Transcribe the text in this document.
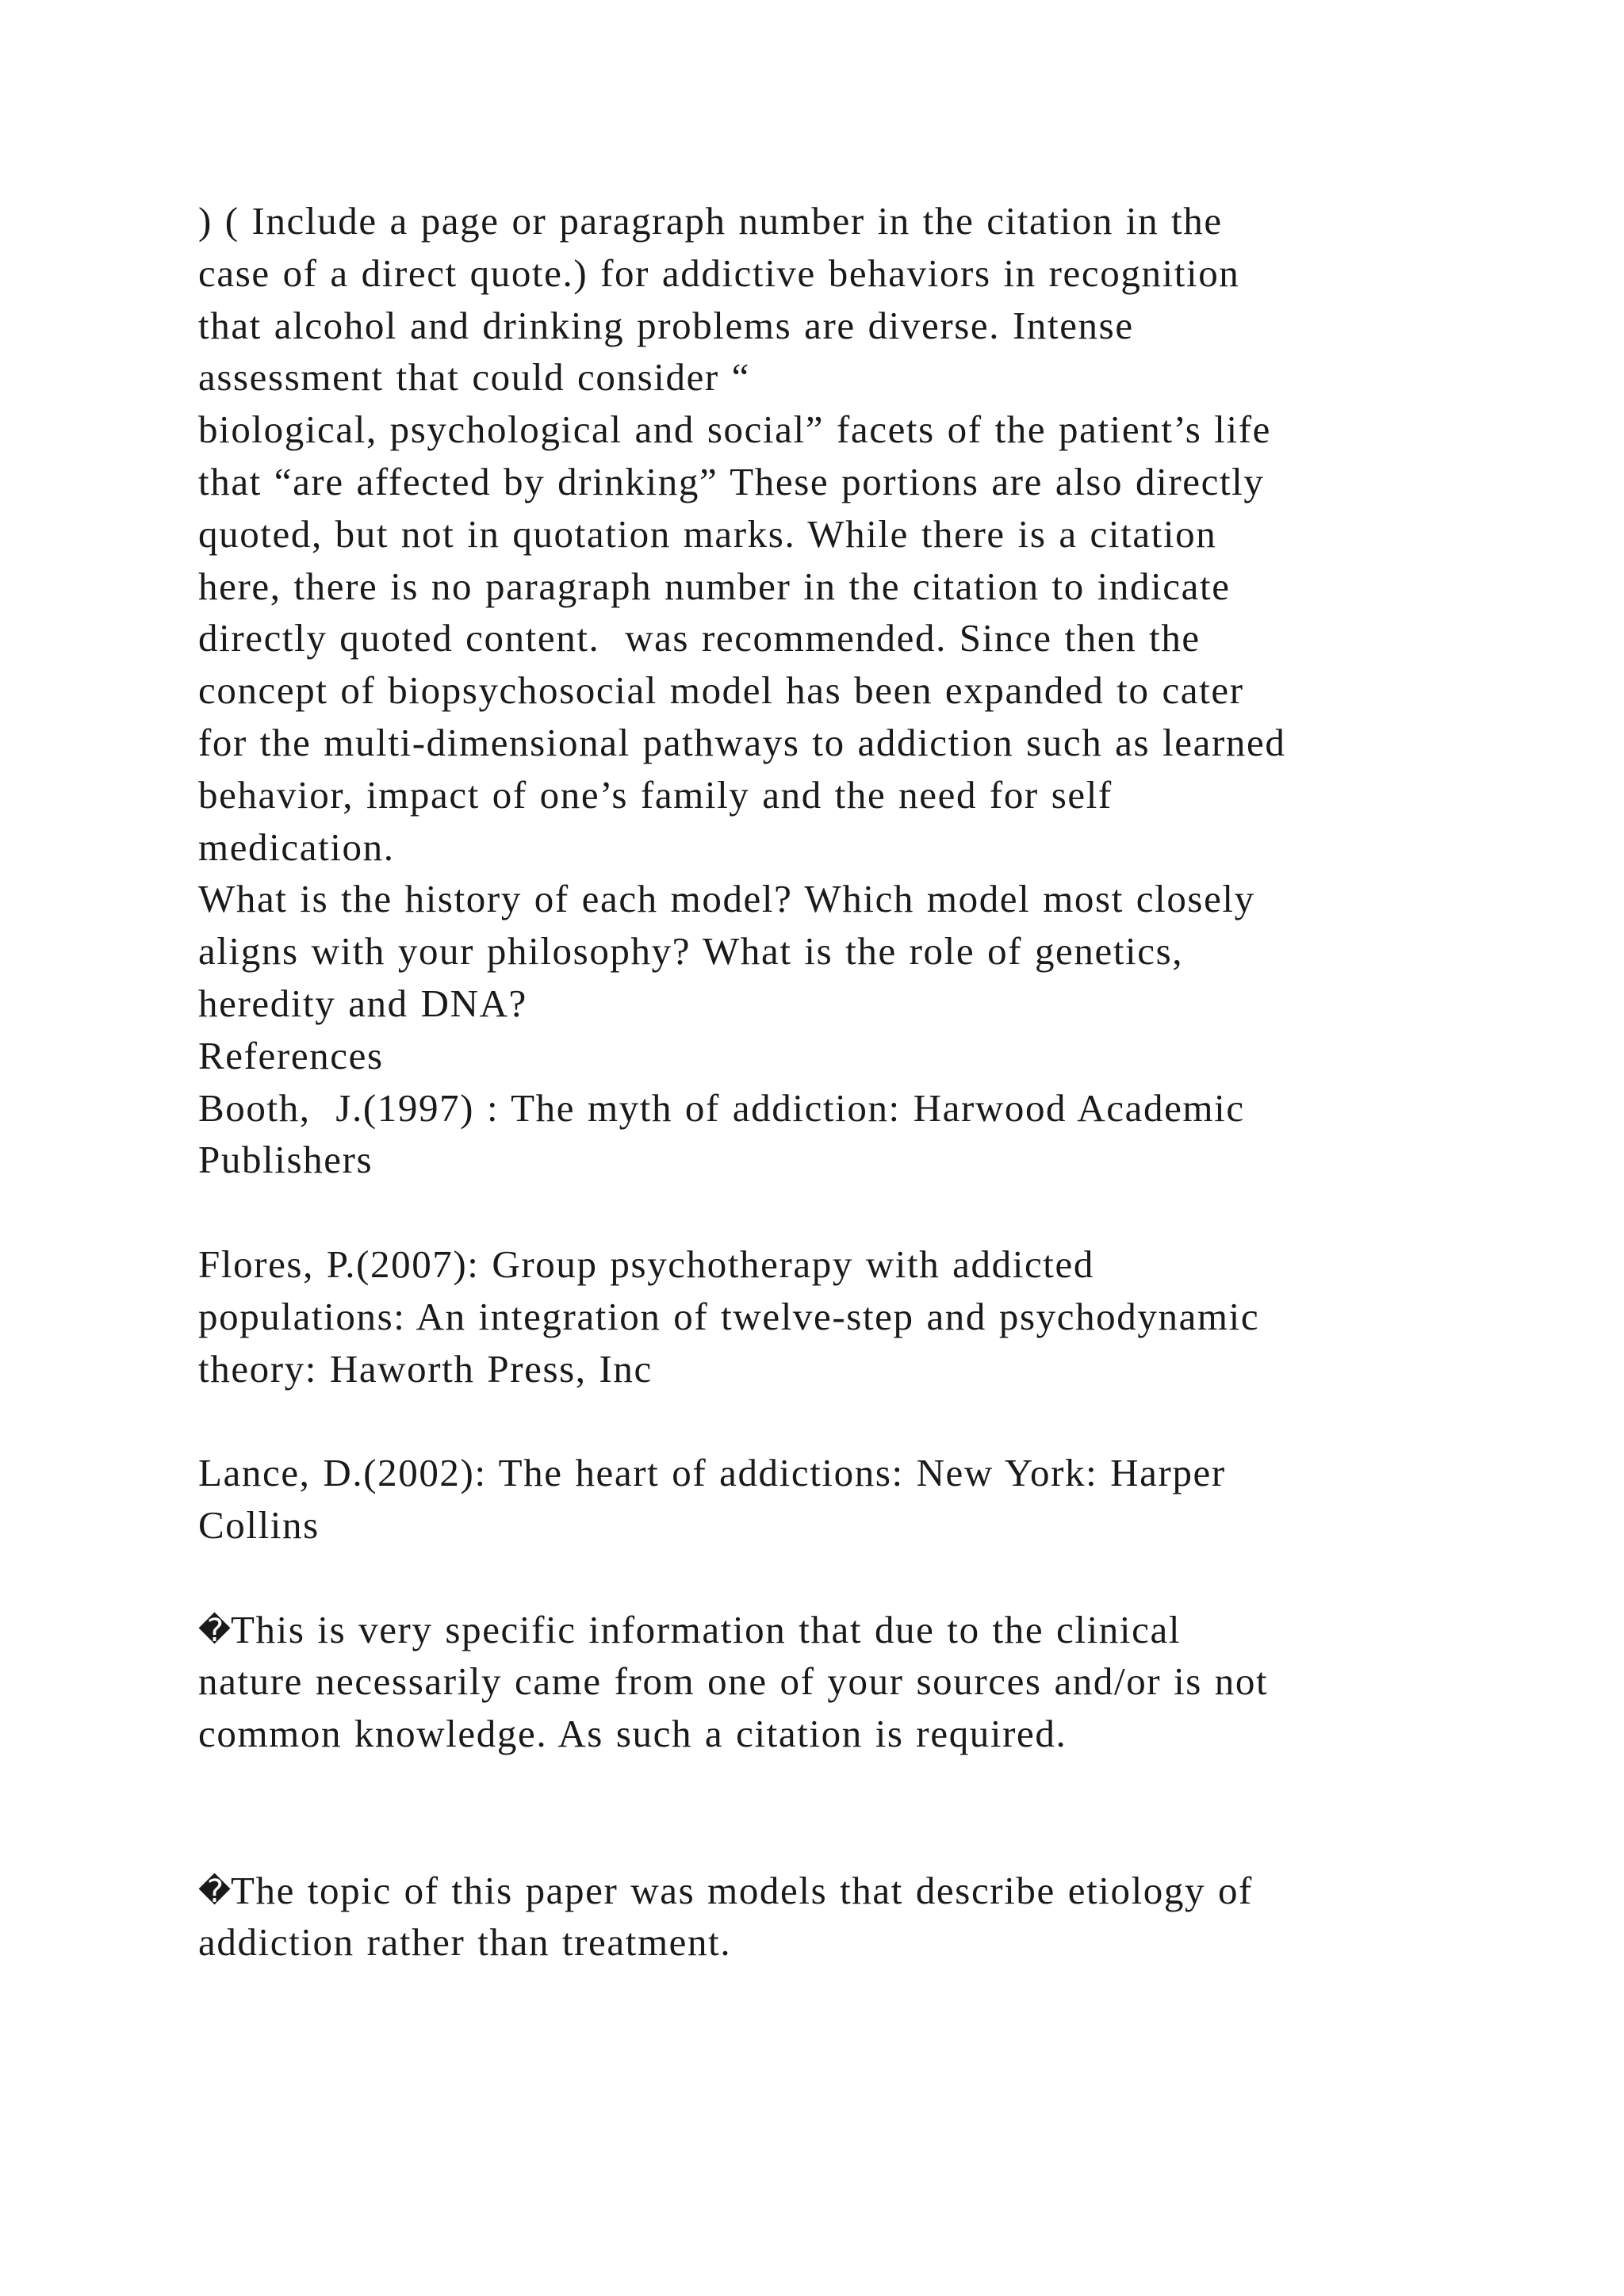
) ( Include a page or paragraph number in the citation in the
case of a direct quote.) for addictive behaviors in recognition
that alcohol and drinking problems are diverse. Intense
assessment that could consider “
biological, psychological and social” facets of the patient’s life
that “are affected by drinking” These portions are also directly
quoted, but not in quotation marks. While there is a citation
here, there is no paragraph number in the citation to indicate
directly quoted content.  was recommended. Since then the
concept of biopsychosocial model has been expanded to cater
for the multi-dimensional pathways to addiction such as learned
behavior, impact of one’s family and the need for self
medication.
What is the history of each model? Which model most closely
aligns with your philosophy? What is the role of genetics,
heredity and DNA?
References
Booth,  J.(1997) : The myth of addiction: Harwood Academic
Publishers
Flores, P.(2007): Group psychotherapy with addicted
populations: An integration of twelve-step and psychodynamic
theory: Haworth Press, Inc
Lance, D.(2002): The heart of addictions: New York: Harper
Collins
�This is very specific information that due to the clinical
nature necessarily came from one of your sources and/or is not
common knowledge. As such a citation is required.
�The topic of this paper was models that describe etiology of
addiction rather than treatment.
